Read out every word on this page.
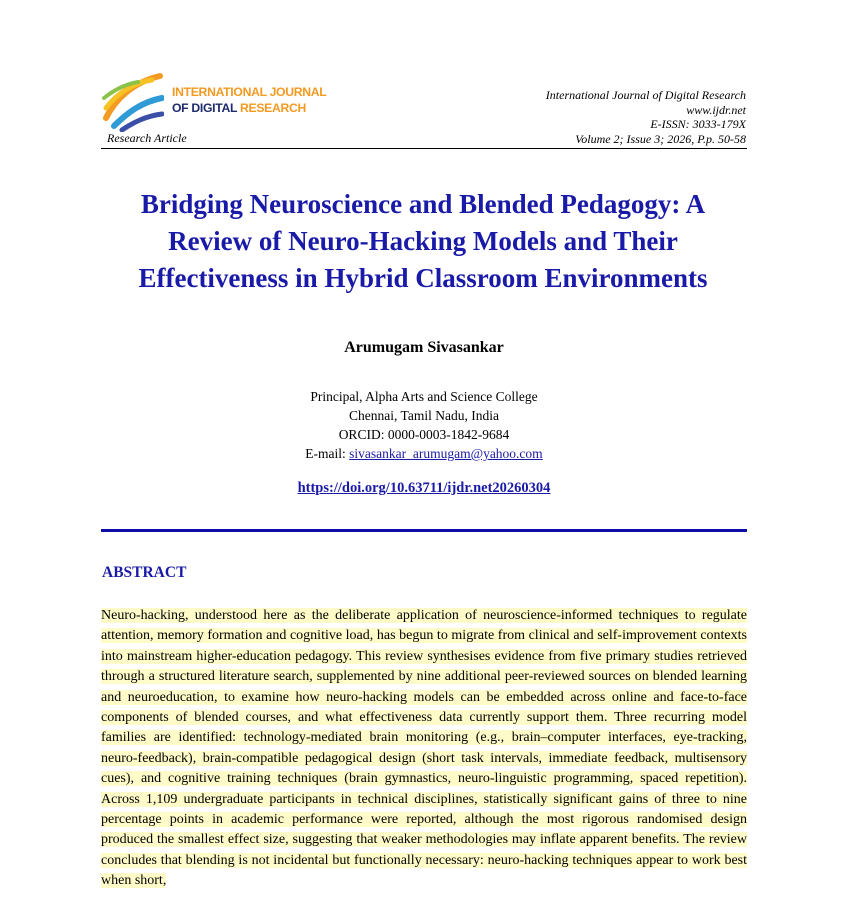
INTERNATIONAL JOURNAL
OF DIGITAL RESEARCH
Research Article
International Journal of Digital Research
www.ijdr.net
E-ISSN: 3033-179X
Volume 2; Issue 3; 2026, P.p. 50-58
Bridging Neuroscience and Blended Pedagogy: A
Review of Neuro-Hacking Models and Their
Effectiveness in Hybrid Classroom Environments
Arumugam Sivasankar
Principal, Alpha Arts and Science College
Chennai, Tamil Nadu, India
ORCID: 0000-0003-1842-9684
E-mail: sivasankar_arumugam@yahoo.com
https://doi.org/10.63711/ijdr.net20260304
ABSTRACT
Neuro-hacking, understood here as the deliberate application of neuroscience-informed techniques to regulate attention, memory formation and cognitive load, has begun to migrate from clinical and self-improvement contexts into mainstream higher-education pedagogy. This review synthesises evidence from five primary studies retrieved through a structured literature search, supplemented by nine additional peer-reviewed sources on blended learning and neuroeducation, to examine how neuro-hacking models can be embedded across online and face-to-face components of blended courses, and what effectiveness data currently support them. Three recurring model families are identified: technology-mediated brain monitoring (e.g., brain–computer interfaces, eye-tracking, neuro-feedback), brain-compatible pedagogical design (short task intervals, immediate feedback, multisensory cues), and cognitive training techniques (brain gymnastics, neuro-linguistic programming, spaced repetition). Across 1,109 undergraduate participants in technical disciplines, statistically significant gains of three to nine percentage points in academic performance were reported, although the most rigorous randomised design produced the smallest effect size, suggesting that weaker methodologies may inflate apparent benefits. The review concludes that blending is not incidental but functionally necessary: neuro-hacking techniques appear to work best when short,
